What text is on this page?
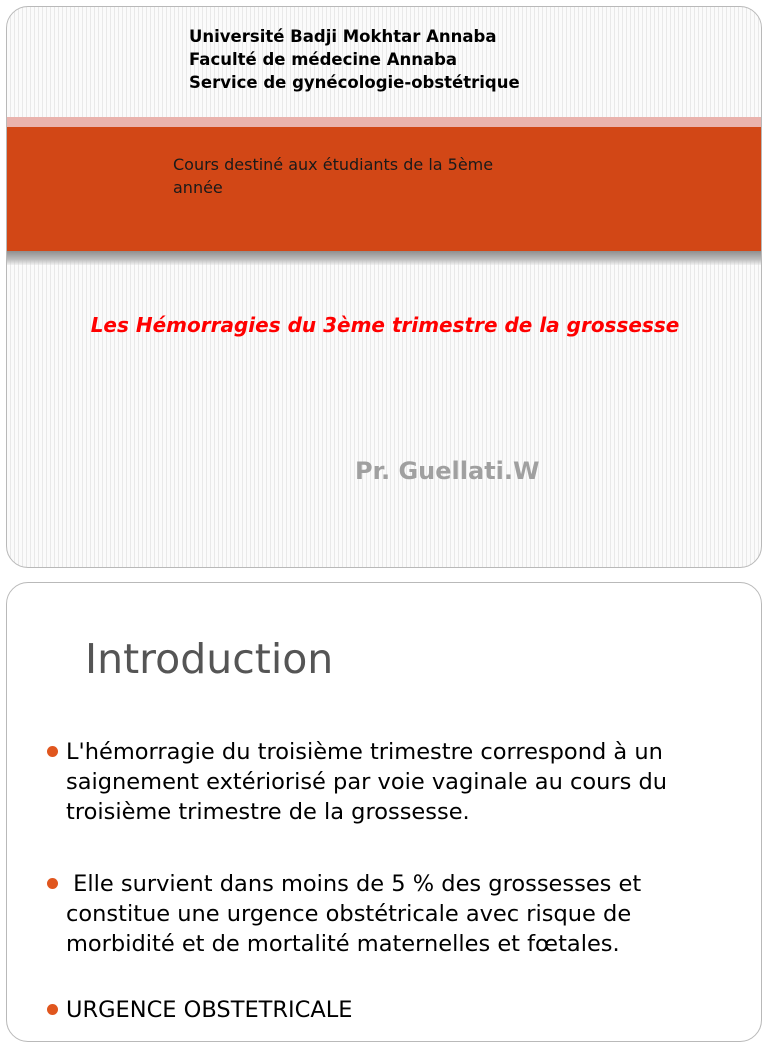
Université Badji Mokhtar Annaba
Faculté de médecine Annaba
Service de gynécologie-obstétrique
Cours destiné aux étudiants de la 5ème année
Les Hémorragies du 3ème trimestre de la grossesse
Pr. Guellati.W
Introduction
L'hémorragie du troisième trimestre correspond à un saignement extériorisé par voie vaginale au cours du troisième trimestre de la grossesse.
Elle survient dans moins de 5 % des grossesses et constitue une urgence obstétricale avec risque de morbidité et de mortalité maternelles et fœtales.
URGENCE OBSTETRICALE
